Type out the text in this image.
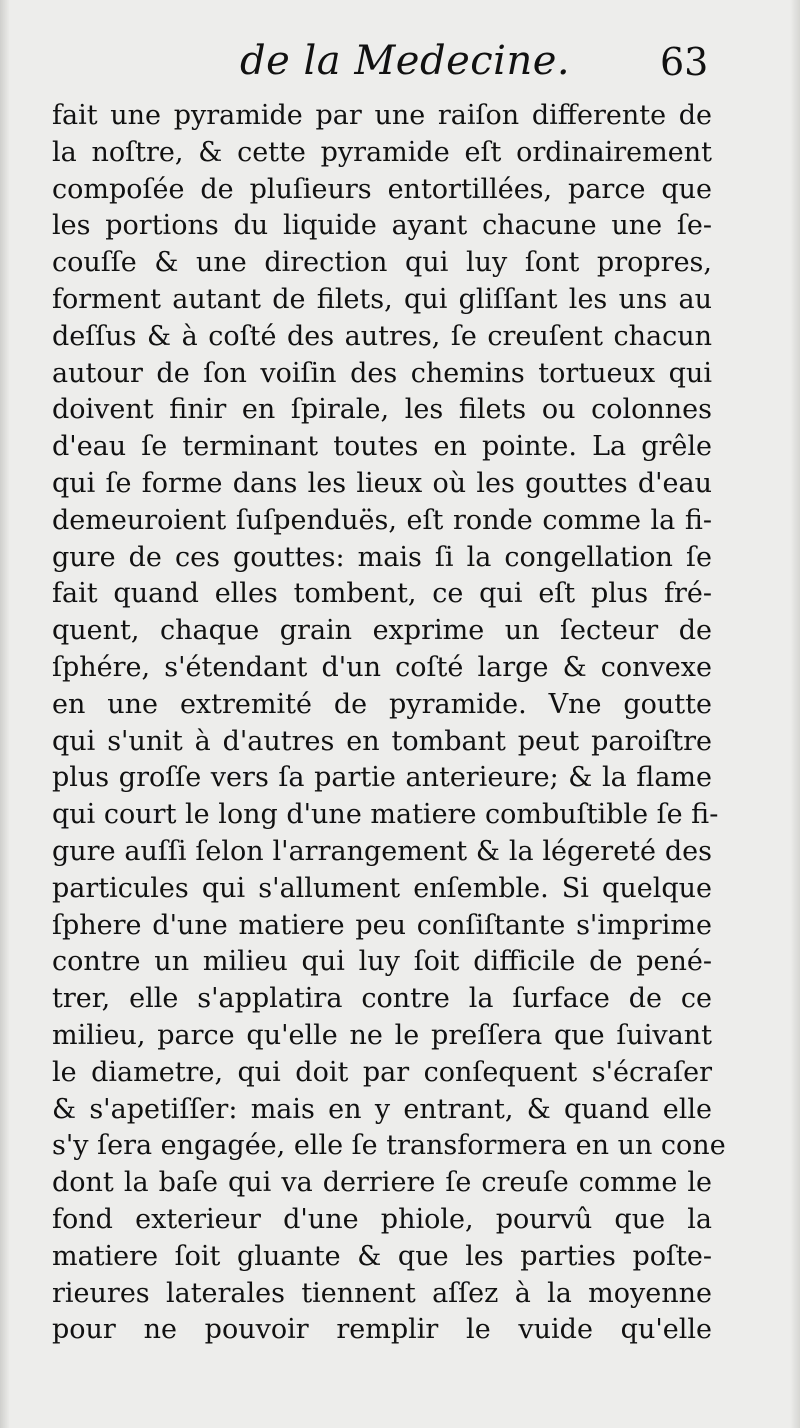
de la Medecine. 63
fait une pyramide par une raiſon differente de
la noſtre, & cette pyramide eſt ordinairement
compoſée de pluſieurs entortillées, parce que
les portions du liquide ayant chacune une ſe-
couſſe & une direction qui luy ſont propres,
forment autant de filets, qui gliſſant les uns au
deſſus & à coſté des autres, ſe creuſent chacun
autour de ſon voiſin des chemins tortueux qui
doivent finir en ſpirale, les filets ou colonnes
d'eau ſe terminant toutes en pointe. La grêle
qui ſe forme dans les lieux où les gouttes d'eau
demeuroient ſuſpenduës, eſt ronde comme la fi-
gure de ces gouttes: mais ſi la congellation ſe
fait quand elles tombent, ce qui eſt plus fré-
quent, chaque grain exprime un ſecteur de
ſphére, s'étendant d'un coſté large & convexe
en une extremité de pyramide. Vne goutte
qui s'unit à d'autres en tombant peut paroiſtre
plus groſſe vers ſa partie anterieure; & la flame
qui court le long d'une matiere combuſtible ſe fi-
gure auſſi ſelon l'arrangement & la légereté des
particules qui s'allument enſemble. Si quelque
ſphere d'une matiere peu conſiſtante s'imprime
contre un milieu qui luy ſoit difficile de pené-
trer, elle s'applatira contre la ſurface de ce
milieu, parce qu'elle ne le preſſera que ſuivant
le diametre, qui doit par conſequent s'écraſer
& s'apetiſſer: mais en y entrant, & quand elle
s'y ſera engagée, elle ſe transformera en un cone
dont la baſe qui va derriere ſe creuſe comme le
fond exterieur d'une phiole, pourvû que la
matiere ſoit gluante & que les parties poſte-
rieures laterales tiennent aſſez à la moyenne
pour ne pouvoir remplir le vuide qu'elle
